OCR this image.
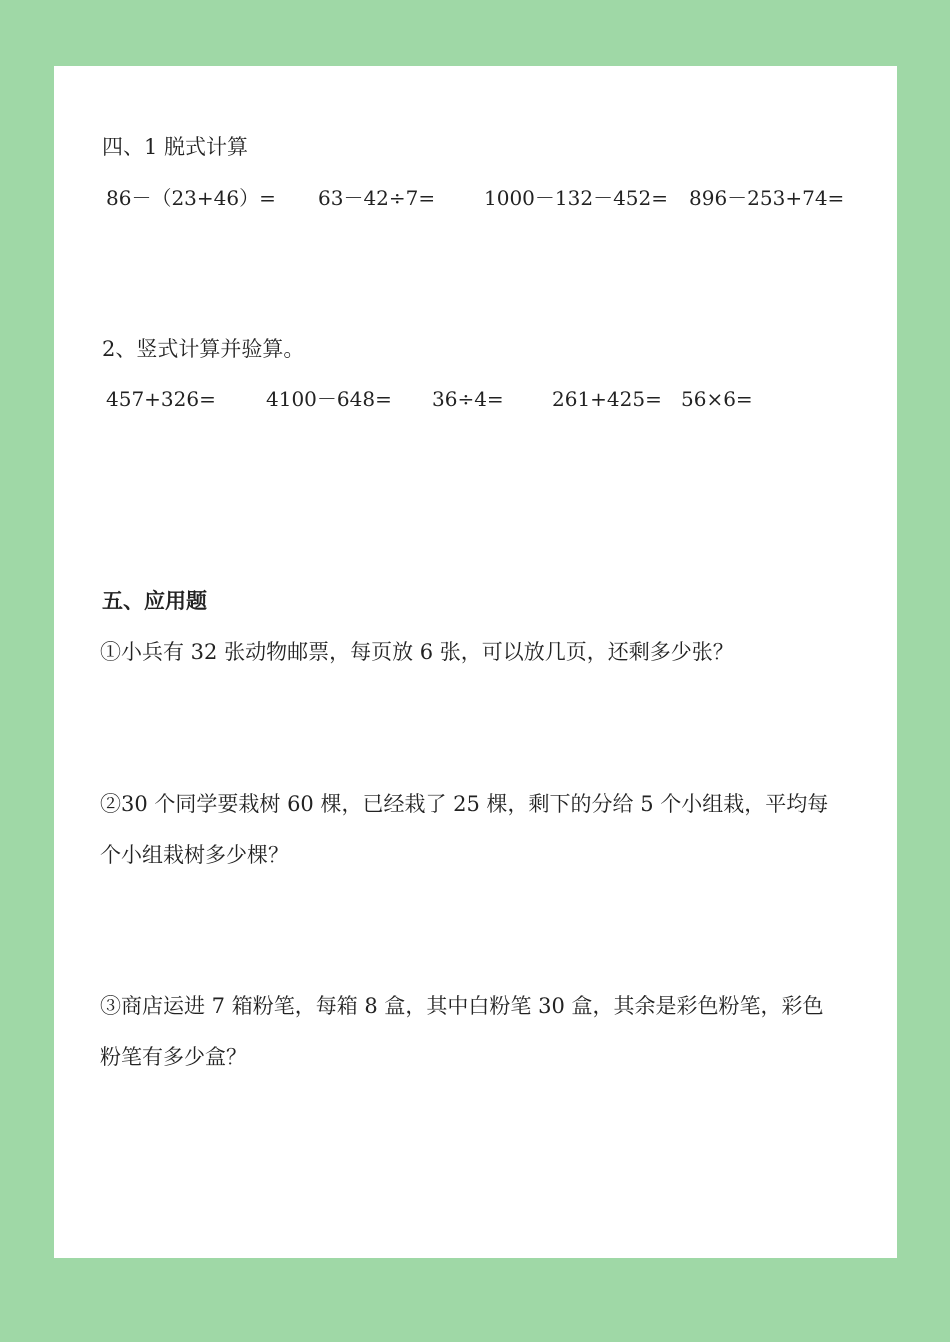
四、1 脱式计算
86－（23+46）= 63－42÷7= 1000－132－452= 896－253+74=
2、竖式计算并验算。
457+326=	4100－648= 36÷4= 261+425= 56×6=
五、应用题
①小兵有 32 张动物邮票，每页放 6 张，可以放几页，还剩多少张？
②30 个同学要栽树 60 棵，已经栽了 25 棵，剩下的分给 5 个小组栽，平均每
个小组栽树多少棵？
③商店运进 7 箱粉笔，每箱 8 盒，其中白粉笔 30 盒，其余是彩色粉笔，彩色
粉笔有多少盒？
